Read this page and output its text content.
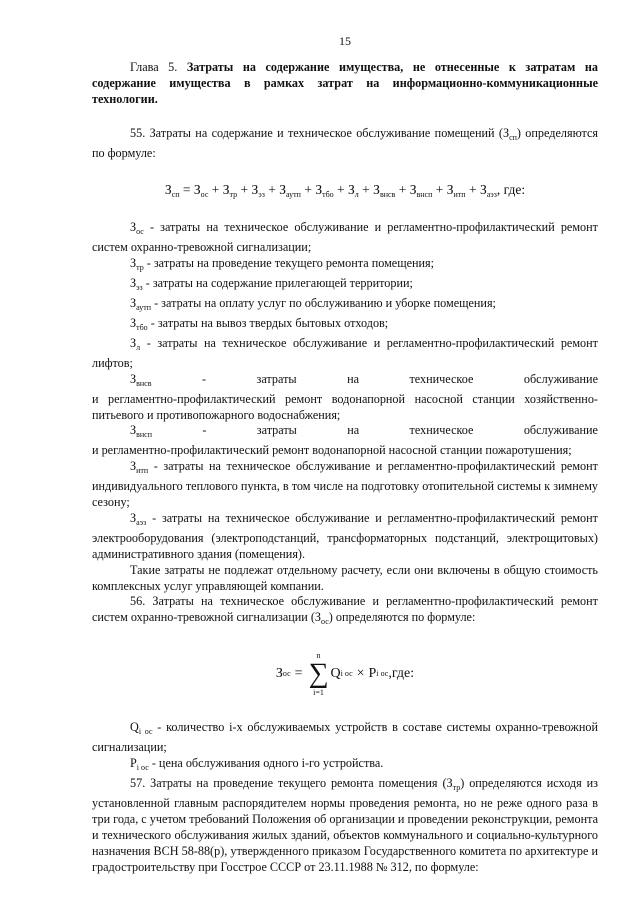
15

Глава 5. Затраты на содержание имущества, не отнесенные к затратам на содержание имущества в рамках затрат на информационно-коммуникационные технологии.

55. Затраты на содержание и техническое обслуживание помещений $(З_{сп})$ определяются по формуле:

$З_{сп} = З_{ос} + З_{тр} + З_{эз} + З_{аутп} + З_{тбо} + З_л + З_{внсв} + З_{внсп} + З_{итп} + З_{аэз}$, где:

$З_{ос}$ - затраты на техническое обслуживание и регламентно-профилактический ремонт систем охранно-тревожной сигнализации;

$З_{тр}$ - затраты на проведение текущего ремонта помещения;

$З_{эз}$ - затраты на содержание прилегающей территории;

$З_{аутп}$ - затраты на оплату услуг по обслуживанию и уборке помещения;

$З_{тбо}$ - затраты на вывоз твердых бытовых отходов;

$З_л$ - затраты на техническое обслуживание и регламентно-профилактический ремонт лифтов;

$З_{внсв}$	-	затраты	на	техническое	обслуживание

и регламентно-профилактический ремонт водонапорной насосной станции хозяйственно-питьевого и противопожарного водоснабжения;

$З_{внсп}$	-	затраты	на	техническое	обслуживание

и регламентно-профилактический ремонт водонапорной насосной станции пожаротушения;

$З_{итп}$ - затраты на техническое обслуживание и регламентно-профилактический ремонт индивидуального теплового пункта, в том числе на подготовку отопительной системы к зимнему сезону;

$З_{аэз}$ - затраты на техническое обслуживание и регламентно-профилактический ремонт электрооборудования (электроподстанций, трансформаторных подстанций, электрощитовых) административного здания (помещения).

Такие затраты не подлежат отдельному расчету, если они включены в общую стоимость комплексных услуг управляющей компании.

56. Затраты на техническое обслуживание и регламентно-профилактический ремонт систем охранно-тревожной сигнализации $(З_{ос})$ определяются по формуле:

З ос =
n
∑
i=1
Q i ос × P i ос ,где:

$Q_{i ос}$ - количество i-х обслуживаемых устройств в составе системы охранно-тревожной сигнализации;

$P_{i ос}$ - цена обслуживания одного i-го устройства.

57. Затраты на проведение текущего ремонта помещения $(З_{тр})$ определяются исходя из установленной главным распорядителем нормы проведения ремонта, но не реже одного раза в три года, с учетом требований Положения об организации и проведении реконструкции, ремонта и технического обслуживания жилых зданий, объектов коммунального и социально-культурного назначения ВСН 58-88(р), утвержденного приказом Государственного комитета по архитектуре и градостроительству при Госстрое СССР от 23.11.1988 № 312, по формуле:
